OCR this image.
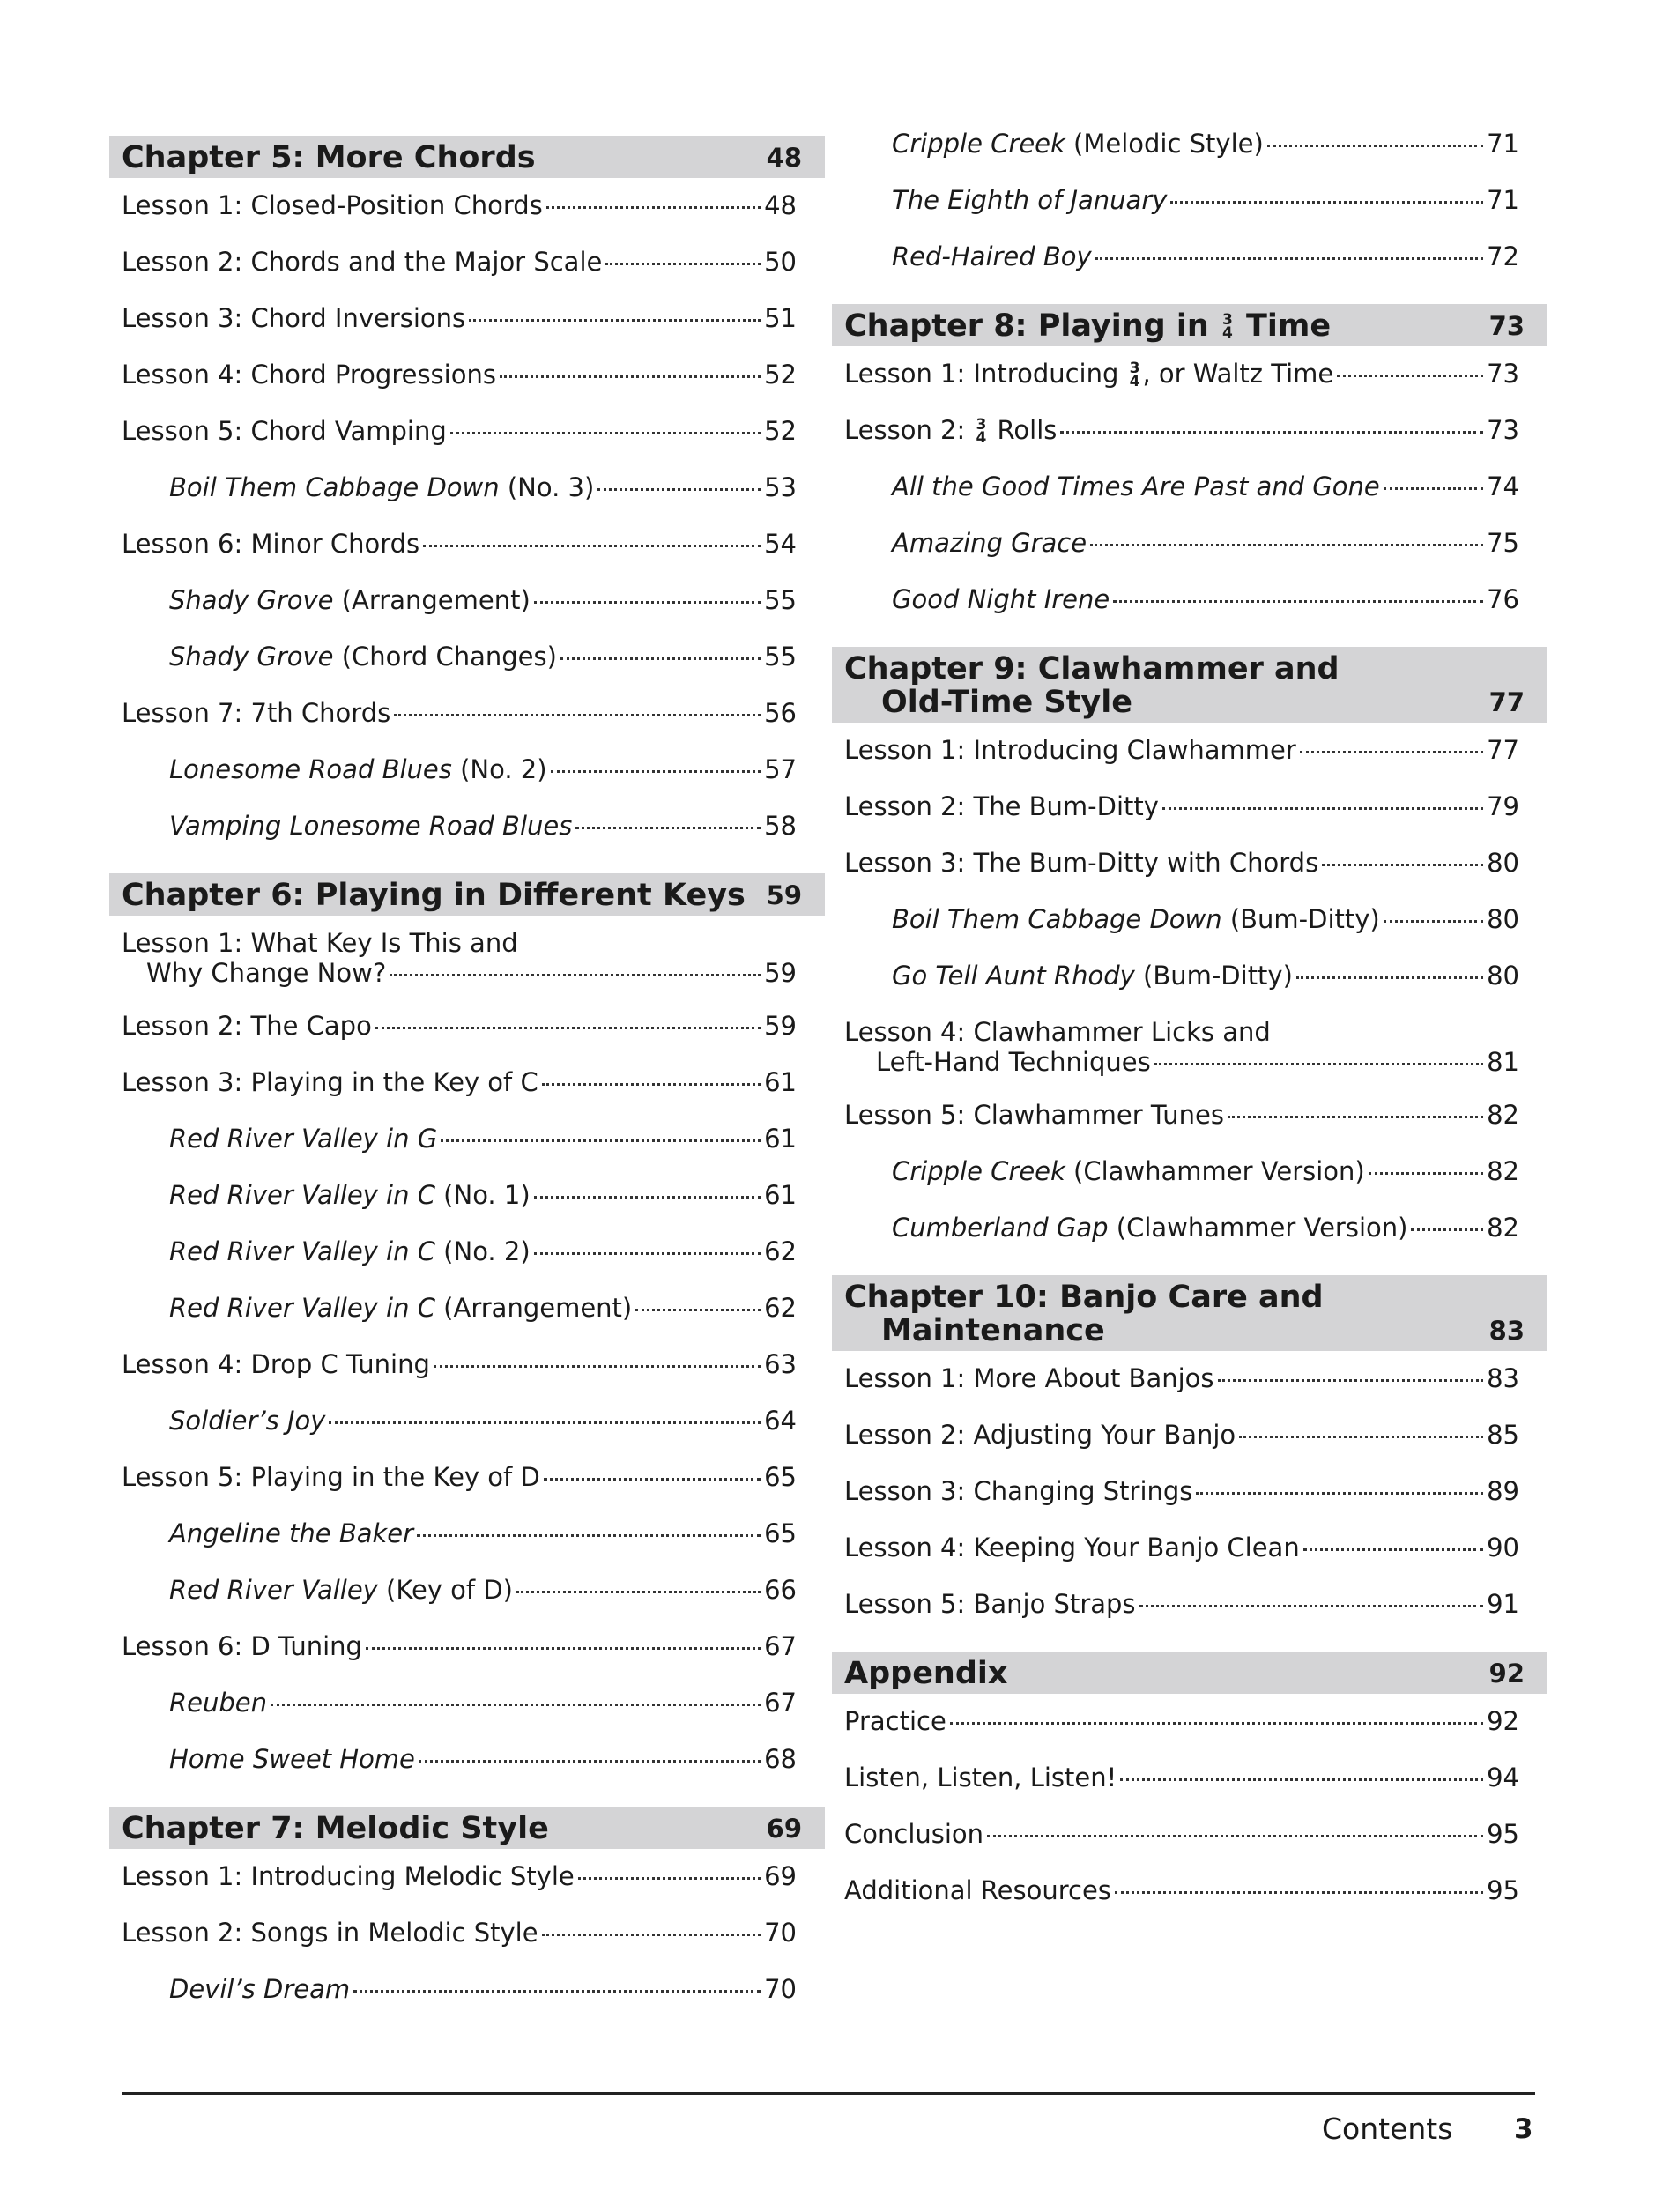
Chapter 5: More Chords	48
Lesson 1: Closed-Position Chords	48
Lesson 2: Chords and the Major Scale	50
Lesson 3: Chord Inversions	51
Lesson 4: Chord Progressions	52
Lesson 5: Chord Vamping	52
Boil Them Cabbage Down (No. 3)	53
Lesson 6: Minor Chords	54
Shady Grove (Arrangement)	55
Shady Grove (Chord Changes)	55
Lesson 7: 7th Chords	56
Lonesome Road Blues (No. 2)	57
Vamping Lonesome Road Blues	58
Chapter 6: Playing in Different Keys 59
Lesson 1: What Key Is This and
Why Change Now?	59
Lesson 2: The Capo	59
Lesson 3: Playing in the Key of C	61
Red River Valley in G	61
Red River Valley in C (No. 1)	61
Red River Valley in C (No. 2)	62
Red River Valley in C (Arrangement)	62
Lesson 4: Drop C Tuning	63
Soldier’s Joy	64
Lesson 5: Playing in the Key of D	65
Angeline the Baker	65
Red River Valley (Key of D)	66
Lesson 6: D Tuning	67
Reuben	67
Home Sweet Home	68
Chapter 7: Melodic Style	69
Lesson 1: Introducing Melodic Style	69
Lesson 2: Songs in Melodic Style	70
Devil’s Dream	70
Cripple Creek (Melodic Style)	71
The Eighth of January	71
Red-Haired Boy	72
Chapter 8: Playing in 3
4 Time	73
Lesson 1: Introducing 3
4 , or Waltz Time	73
Lesson 2: 3
4 Rolls	73
All the Good Times Are Past and Gone	74
Amazing Grace	75
Good Night Irene	76
Chapter 9: Clawhammer and
Old-Time Style	77
Lesson 1: Introducing Clawhammer	77
Lesson 2: The Bum-Ditty	79
Lesson 3: The Bum-Ditty with Chords	80
Boil Them Cabbage Down (Bum-Ditty)	80
Go Tell Aunt Rhody (Bum-Ditty)	80
Lesson 4: Clawhammer Licks and
Left-Hand Techniques	81
Lesson 5: Clawhammer Tunes	82
Cripple Creek (Clawhammer Version)	82
Cumberland Gap (Clawhammer Version)	82
Chapter 10: Banjo Care and
Maintenance	83
Lesson 1: More About Banjos	83
Lesson 2: Adjusting Your Banjo	85
Lesson 3: Changing Strings	89
Lesson 4: Keeping Your Banjo Clean	90
Lesson 5: Banjo Straps	91
Appendix	92
Practice	92
Listen, Listen, Listen!	94
Conclusion	95
Additional Resources	95
Contents 3
